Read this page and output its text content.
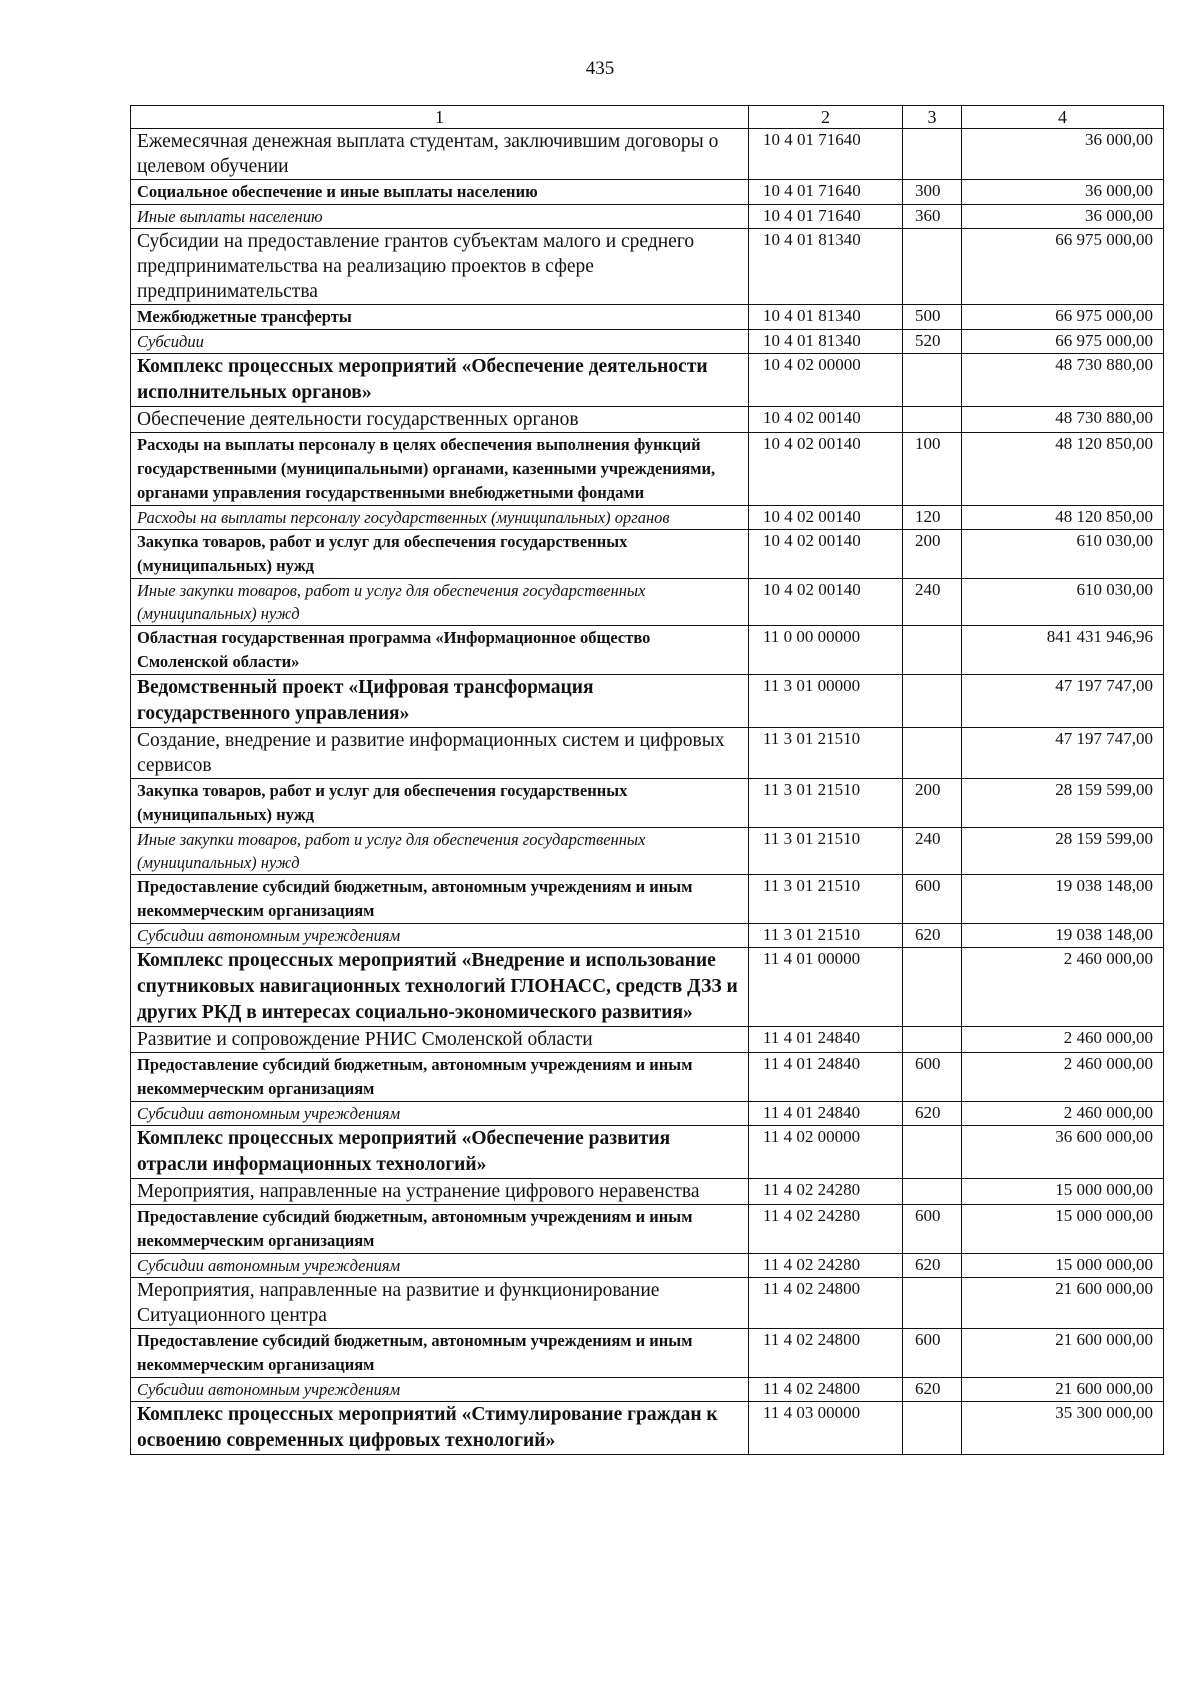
435
1	2	3	4
Ежемесячная денежная выплата студентам, заключившим договоры о целевом обучении	10 4 01 71640		36 000,00
Социальное обеспечение и иные выплаты населению	10 4 01 71640	300	36 000,00
Иные выплаты населению	10 4 01 71640	360	36 000,00
Субсидии на предоставление грантов субъектам малого и среднего предпринимательства на реализацию проектов в сфере предпринимательства	10 4 01 81340		66 975 000,00
Межбюджетные трансферты	10 4 01 81340	500	66 975 000,00
Субсидии	10 4 01 81340	520	66 975 000,00
Комплекс процессных мероприятий «Обеспечение деятельности исполнительных органов»	10 4 02 00000		48 730 880,00
Обеспечение деятельности государственных органов	10 4 02 00140		48 730 880,00
Расходы на выплаты персоналу в целях обеспечения выполнения функций государственными (муниципальными) органами, казенными учреждениями, органами управления государственными внебюджетными фондами	10 4 02 00140	100	48 120 850,00
Расходы на выплаты персоналу государственных (муниципальных) органов	10 4 02 00140	120	48 120 850,00
Закупка товаров, работ и услуг для обеспечения государственных (муниципальных) нужд	10 4 02 00140	200	610 030,00
Иные закупки товаров, работ и услуг для обеспечения государственных (муниципальных) нужд	10 4 02 00140	240	610 030,00
Областная государственная программа «Информационное общество Смоленской области»	11 0 00 00000		841 431 946,96
Ведомственный проект «Цифровая трансформация государственного управления»	11 3 01 00000		47 197 747,00
Создание, внедрение и развитие информационных систем и цифровых сервисов	11 3 01 21510		47 197 747,00
Закупка товаров, работ и услуг для обеспечения государственных (муниципальных) нужд	11 3 01 21510	200	28 159 599,00
Иные закупки товаров, работ и услуг для обеспечения государственных (муниципальных) нужд	11 3 01 21510	240	28 159 599,00
Предоставление субсидий бюджетным, автономным учреждениям и иным некоммерческим организациям	11 3 01 21510	600	19 038 148,00
Субсидии автономным учреждениям	11 3 01 21510	620	19 038 148,00
Комплекс процессных мероприятий «Внедрение и использование спутниковых навигационных технологий ГЛОНАСС, средств ДЗЗ и других РКД в интересах социально-экономического развития»	11 4 01 00000		2 460 000,00
Развитие и сопровождение РНИС Смоленской области	11 4 01 24840		2 460 000,00
Предоставление субсидий бюджетным, автономным учреждениям и иным некоммерческим организациям	11 4 01 24840	600	2 460 000,00
Субсидии автономным учреждениям	11 4 01 24840	620	2 460 000,00
Комплекс процессных мероприятий «Обеспечение развития отрасли информационных технологий»	11 4 02 00000		36 600 000,00
Мероприятия, направленные на устранение цифрового неравенства	11 4 02 24280		15 000 000,00
Предоставление субсидий бюджетным, автономным учреждениям и иным некоммерческим организациям	11 4 02 24280	600	15 000 000,00
Субсидии автономным учреждениям	11 4 02 24280	620	15 000 000,00
Мероприятия, направленные на развитие и функционирование Ситуационного центра	11 4 02 24800		21 600 000,00
Предоставление субсидий бюджетным, автономным учреждениям и иным некоммерческим организациям	11 4 02 24800	600	21 600 000,00
Субсидии автономным учреждениям	11 4 02 24800	620	21 600 000,00
Комплекс процессных мероприятий «Стимулирование граждан к освоению современных цифровых технологий»	11 4 03 00000		35 300 000,00
